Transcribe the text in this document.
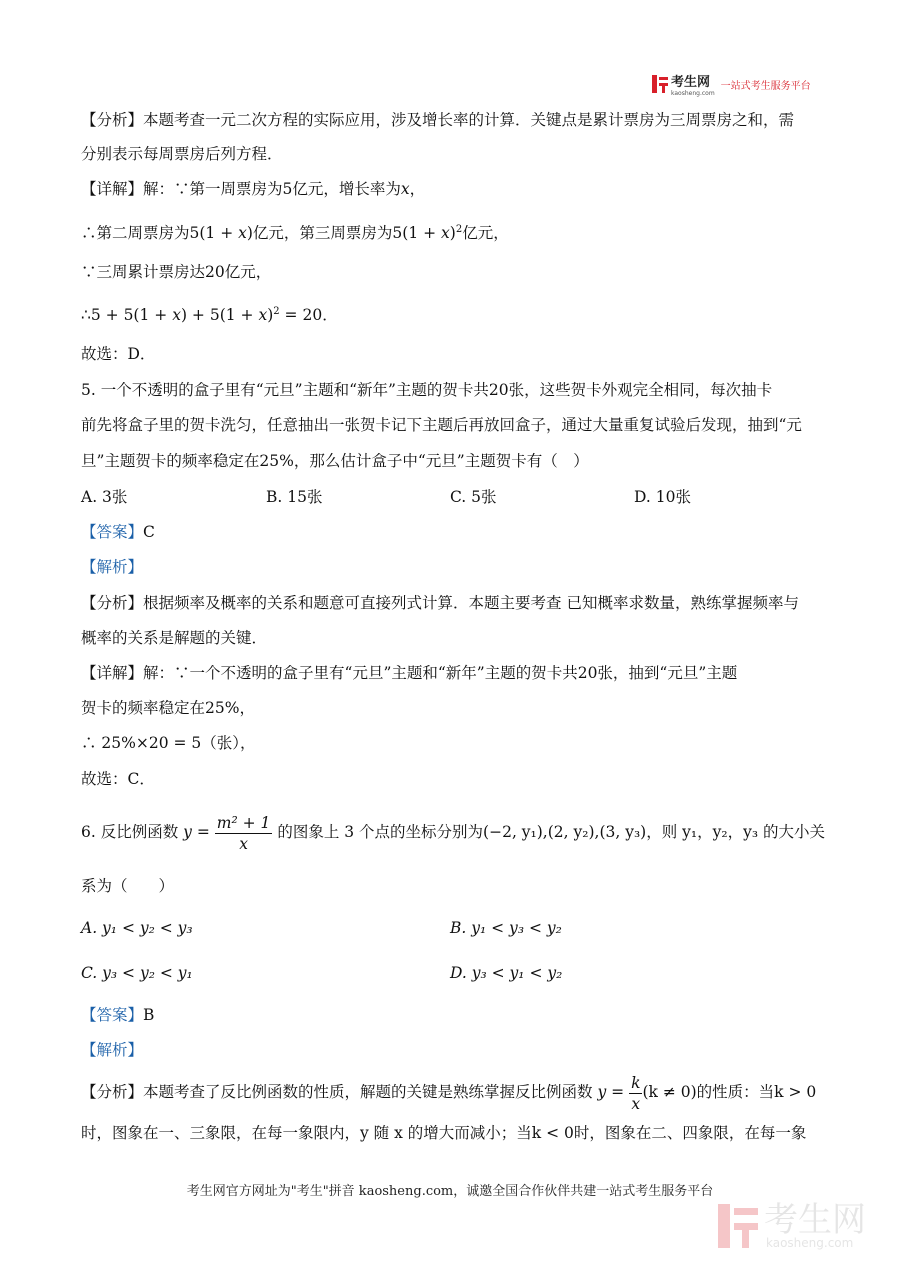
考生网
kaosheng.com
一站式考生服务平台
【分析】本题考查一元二次方程的实际应用，涉及增长率的计算．关键点是累计票房为三周票房之和，需
分别表示每周票房后列方程．
【详解】解：∵第一周票房为5亿元，增长率为x，
∴第二周票房为5(1 + x)亿元，第三周票房为$5(1 + x)^2$亿元，
∵三周累计票房达20亿元，
∴5 + $5(1 + x) + 5(1 + x)^2 = 20$．
故选：D．
5. 一个不透明的盒子里有“元旦”主题和“新年”主题的贺卡共20张，这些贺卡外观完全相同，每次抽卡
前先将盒子里的贺卡洗匀，任意抽出一张贺卡记下主题后再放回盒子，通过大量重复试验后发现，抽到“元
旦”主题贺卡的频率稳定在25%，那么估计盒子中“元旦”主题贺卡有（　）
A. 3张	B. 15张	C. 5张	D. 10张
【答案】C
【解析】
【分析】根据频率及概率的关系和题意可直接列式计算．本题主要考查 已知概率求数量，熟练掌握频率与
概率的关系是解题的关键．
【详解】解：∵一个不透明的盒子里有“元旦”主题和“新年”主题的贺卡共20张，抽到“元旦”主题
贺卡的频率稳定在25%，
∴ 25%×20 = 5（张），
故选：C．
6. 反比例函数 $y = \frac{\text{m² + 1}}{x}$ 的图象上 3 个点的坐标分别为(−2, y₁),(2, y₂),(3, y₃)，则 y₁，y₂，y₃ 的大小关
系为（　　）
A. y₁ < y₂ < y₃	B. y₁ < y₃ < y₂
C. y₃ < y₂ < y₁	D. y₃ < y₁ < y₂
【答案】B
【解析】
【分析】本题考查了反比例函数的性质，解题的关键是熟练掌握反比例函数 $y = \frac{k}{x} (k \ne 0)$的性质：当k > 0
时，图象在一、三象限，在每一象限内，y 随 x 的增大而减小；当k < 0时，图象在二、四象限，在每一象
考生网官方网址为"考生"拼音 kaosheng.com，诚邀全国合作伙伴共建一站式考生服务平台
考生网
kaosheng.com
